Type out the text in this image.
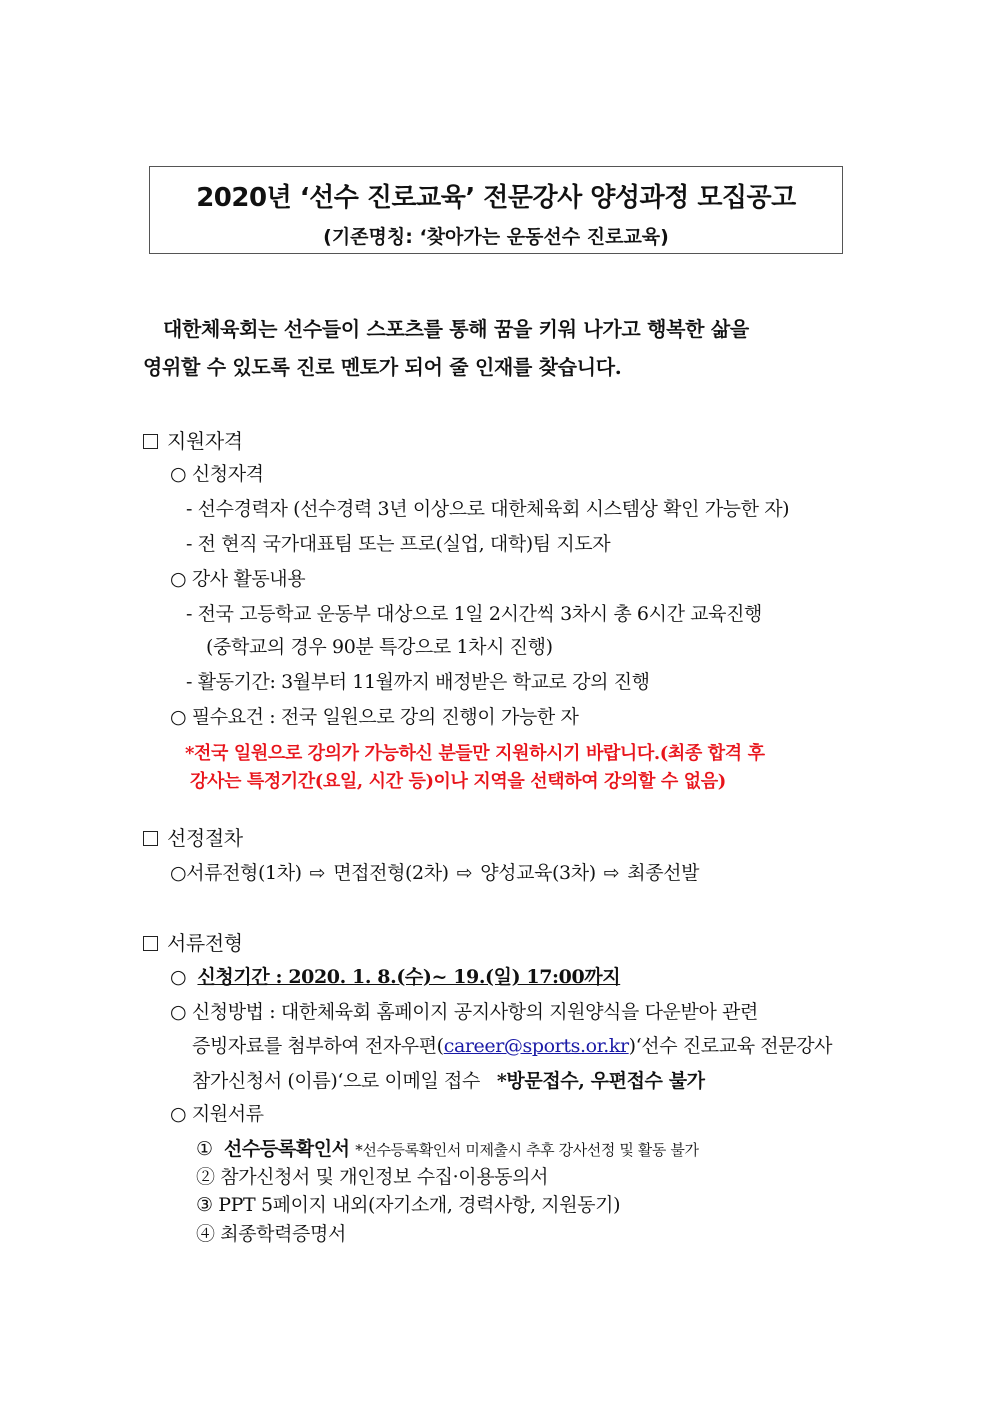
2020년 ‘선수 진로교육’ 전문강사 양성과정 모집공고
(기존명칭: ‘찾아가는 운동선수 진로교육)
대한체육회는 선수들이 스포츠를 통해 꿈을 키워 나가고 행복한 삶을
영위할 수 있도록 진로 멘토가 되어 줄 인재를 찾습니다.
지원자격
○ 신청자격
- 선수경력자 (선수경력 3년 이상으로 대한체육회 시스템상 확인 가능한 자)
- 전 현직 국가대표팀 또는 프로(실업, 대학)팀 지도자
○ 강사 활동내용
- 전국 고등학교 운동부 대상으로 1일 2시간씩 3차시 총 6시간 교육진행
(중학교의 경우 90분 특강으로 1차시 진행)
- 활동기간: 3월부터 11월까지 배정받은 학교로 강의 진행
○ 필수요건 : 전국 일원으로 강의 진행이 가능한 자
*전국 일원으로 강의가 가능하신 분들만 지원하시기 바랍니다.(최종 합격 후
강사는 특정기간(요일, 시간 등)이나 지역을 선택하여 강의할 수 없음)
선정절차
○서류전형(1차) ⇨ 면접전형(2차) ⇨ 양성교육(3차) ⇨ 최종선발
서류전형
○ 신청기간 : 2020. 1. 8.(수)~ 19.(일) 17:00까지
○ 신청방법 : 대한체육회 홈페이지 공지사항의 지원양식을 다운받아 관련
증빙자료를 첨부하여 전자우편(career@sports.or.kr)‘선수 진로교육 전문강사
참가신청서 (이름)‘으로 이메일 접수 *방문접수, 우편접수 불가
○ 지원서류
① 선수등록확인서 *선수등록확인서 미제출시 추후 강사선정 및 활동 불가
② 참가신청서 및 개인정보 수집·이용동의서
③ PPT 5페이지 내외(자기소개, 경력사항, 지원동기)
④ 최종학력증명서
